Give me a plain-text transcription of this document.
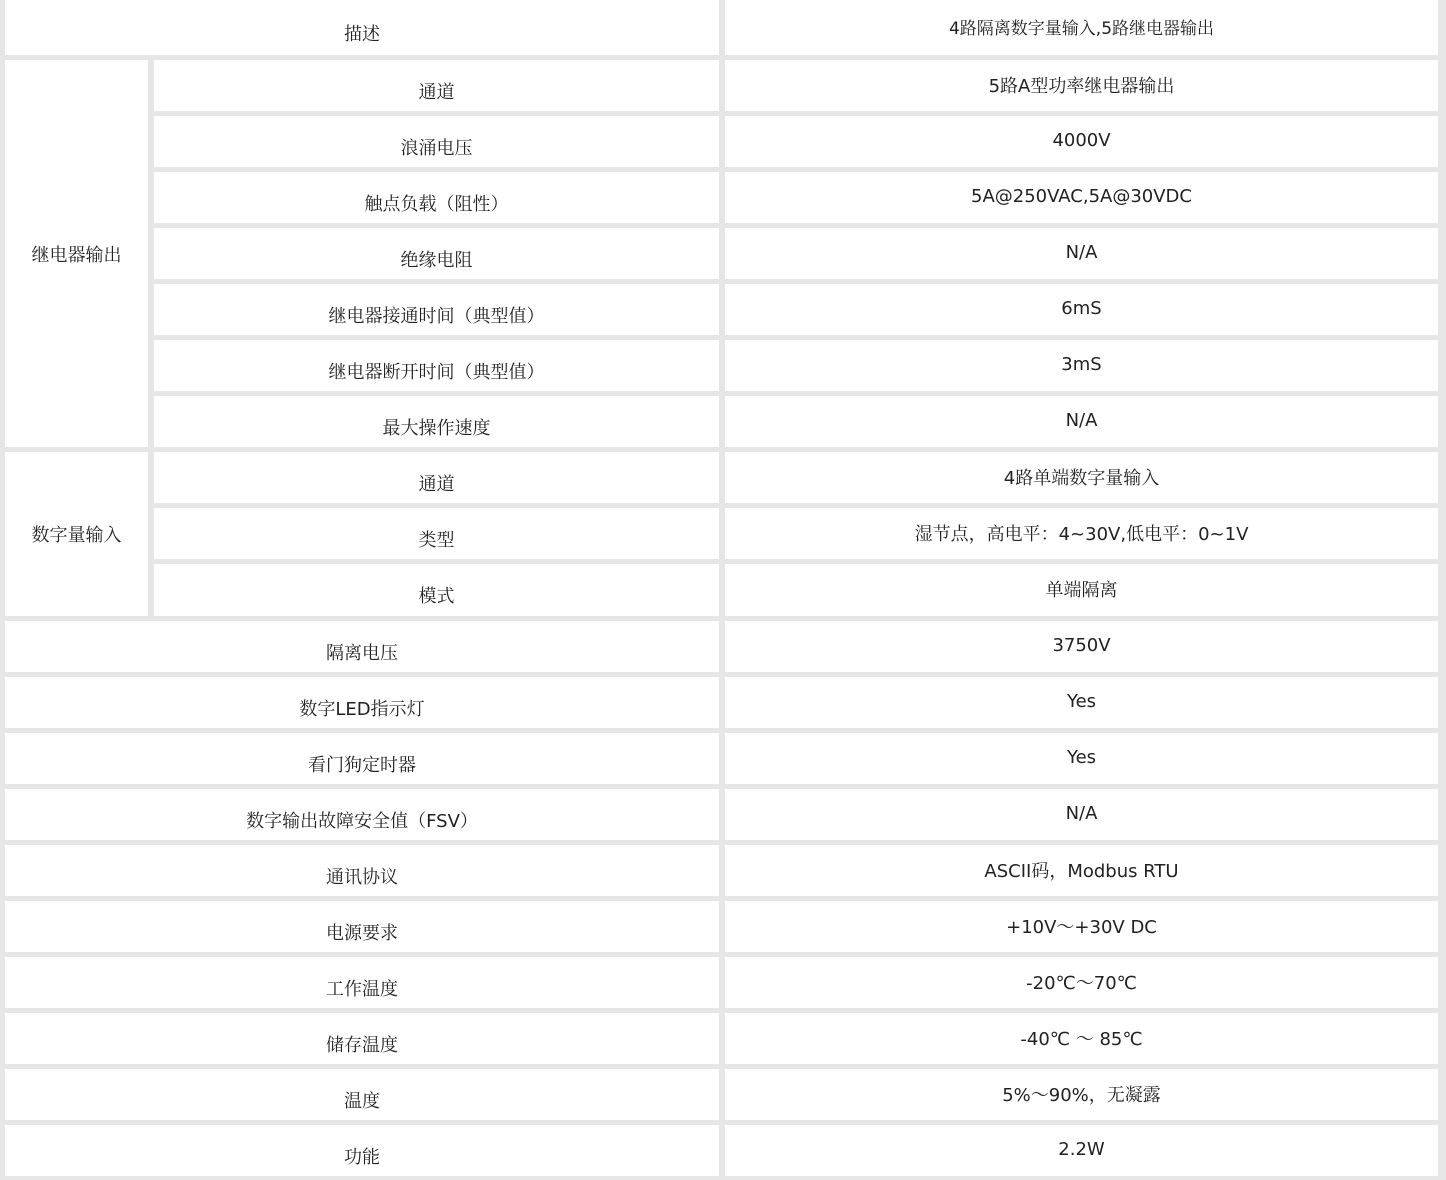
描述	4路隔离数字量输入,5路继电器输出
继电器输出
通道	5路A型功率继电器输出
浪涌电压	4000V
触点负载（阻性）	5A@250VAC,5A@30VDC
绝缘电阻	N/A
继电器接通时间（典型值）	6mS
继电器断开时间（典型值）	3mS
最大操作速度	N/A
数字量输入
通道	4路单端数字量输入
类型	湿节点，高电平：4~30V,低电平：0~1V
模式	单端隔离
隔离电压	3750V
数字LED指示灯	Yes
看门狗定时器	Yes
数字输出故障安全值（FSV）	N/A
通讯协议	ASCII码，Modbus RTU
电源要求	+10V～+30V DC
工作温度	-20℃～70℃
储存温度	-40℃ ～ 85℃
温度	5%～90%，无凝露
功能	2.2W
